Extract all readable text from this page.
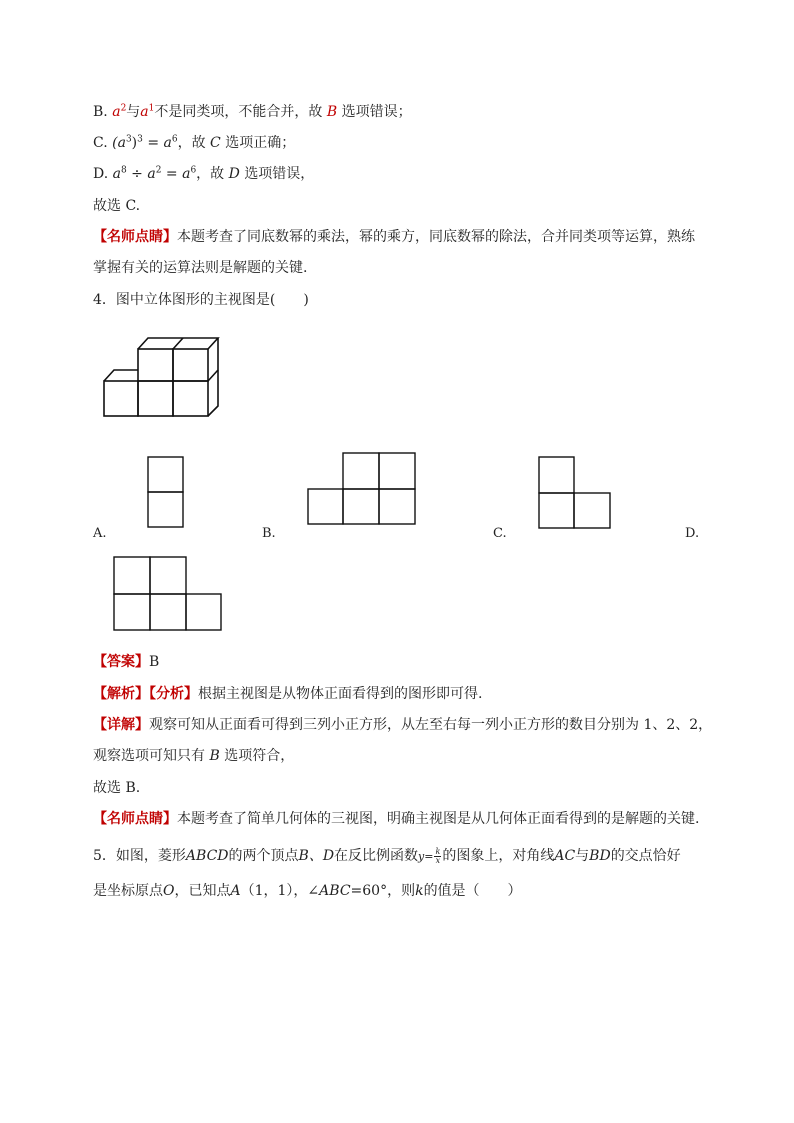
B. $a^2$与$a^1$不是同类项，不能合并，故 B 选项错误；
C. $(a^3)^3 = a^6$，故 C 选项正确；
D. $a^8 \div a^2 = a^6$，故 D 选项错误，
故选 C.
【名师点睛】本题考查了同底数幂的乘法，幂的乘方，同底数幂的除法，合并同类项等运算，熟练
掌握有关的运算法则是解题的关键.
4．图中立体图形的主视图是(　　)
A.	B.	C.	D.
【答案】B
【解析】【分析】根据主视图是从物体正面看得到的图形即可得.
【详解】观察可知从正面看可得到三列小正方形，从左至右每一列小正方形的数目分别为 1、2、2，
观察选项可知只有 B 选项符合，
故选 B.
【名师点睛】本题考查了简单几何体的三视图，明确主视图是从几何体正面看得到的是解题的关键.
5．如图，菱形ABCD的两个顶点B、D在反比例函数$y= \frac{k}{x}$ 的图象上，对角线AC与BD的交点恰好
是坐标原点O，已知点A（1，1），∠ABC=60°，则k的值是（　　）
